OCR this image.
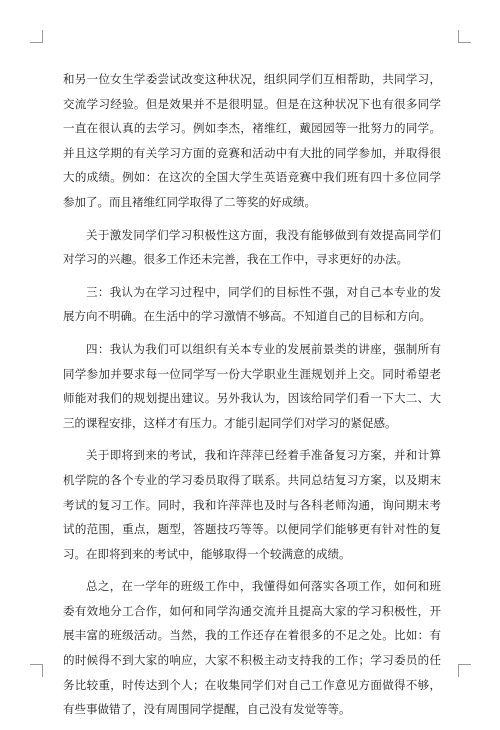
和另一位女生学委尝试改变这种状况，组织同学们互相帮助，共同学习，交流学习经验。但是效果并不是很明显。但是在这种状况下也有很多同学一直在很认真的去学习。例如李杰，褚维红，戴园园等一批努力的同学。并且这学期的有关学习方面的竞赛和活动中有大批的同学参加，并取得很大的成绩。例如：在这次的全国大学生英语竞赛中我们班有四十多位同学参加了。而且褚维红同学取得了二等奖的好成绩。

关于激发同学们学习积极性这方面，我没有能够做到有效提高同学们对学习的兴趣。很多工作还未完善，我在工作中，寻求更好的办法。

三：我认为在学习过程中，同学们的目标性不强，对自己本专业的发展方向不明确。在生活中的学习激情不够高。不知道自己的目标和方向。

四：我认为我们可以组织有关本专业的发展前景类的讲座，强制所有同学参加并要求每一位同学写一份大学职业生涯规划并上交。同时希望老师能对我们的规划提出建议。另外我认为，因该给同学们看一下大二、大三的课程安排，这样才有压力。才能引起同学们对学习的紧促感。

关于即将到来的考试，我和许萍萍已经着手准备复习方案，并和计算机学院的各个专业的学习委员取得了联系。共同总结复习方案，以及期末考试的复习工作。同时，我和许萍萍也及时与各科老师沟通，询问期末考试的范围，重点，题型，答题技巧等等。以便同学们能够更有针对性的复习。在即将到来的考试中，能够取得一个较满意的成绩。

总之，在一学年的班级工作中，我懂得如何落实各项工作，如何和班委有效地分工合作，如何和同学沟通交流并且提高大家的学习积极性，开展丰富的班级活动。当然，我的工作还存在着很多的不足之处。比如：有的时候得不到大家的响应，大家不积极主动支持我的工作；学习委员的任务比较重，时传达到个人；在收集同学们对自己工作意见方面做得不够，有些事做错了，没有周围同学提醒，自己没有发觉等等。
